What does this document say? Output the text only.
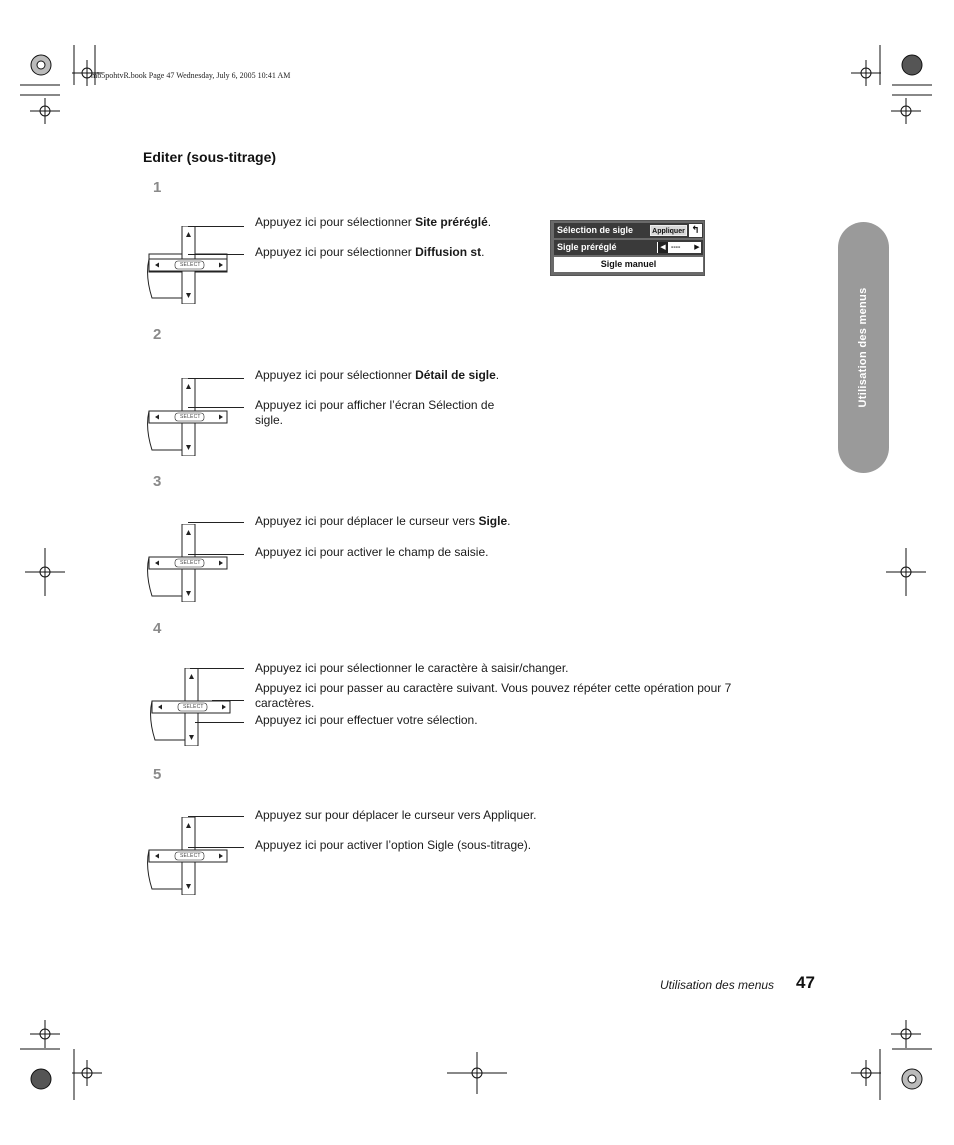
mb5pohtvR.book Page 47 Wednesday, July 6, 2005 10:41 AM
Editer (sous-titrage)
1
SELECT
Appuyez ici pour sélectionner Site préréglé.
Appuyez ici pour sélectionner Diffusion st.
Sélection de sigle	Appliquer ↰
Sigle préréglé	◀ ---- ▶
Sigle manuel
2
SELECT
Appuyez ici pour sélectionner Détail de sigle.
Appuyez ici pour afficher l’écran Sélection de sigle.
3
SELECT
Appuyez ici pour déplacer le curseur vers Sigle.
Appuyez ici pour activer le champ de saisie.
4
SELECT
Appuyez ici pour sélectionner le caractère à saisir/changer.
Appuyez ici pour passer au caractère suivant. Vous pouvez répéter cette opération pour 7 caractères.
Appuyez ici pour effectuer votre sélection.
5
SELECT
Appuyez sur pour déplacer le curseur vers Appliquer.
Appuyez ici pour activer l’option Sigle (sous-titrage).
Utilisation des menus
Utilisation des menus 47
